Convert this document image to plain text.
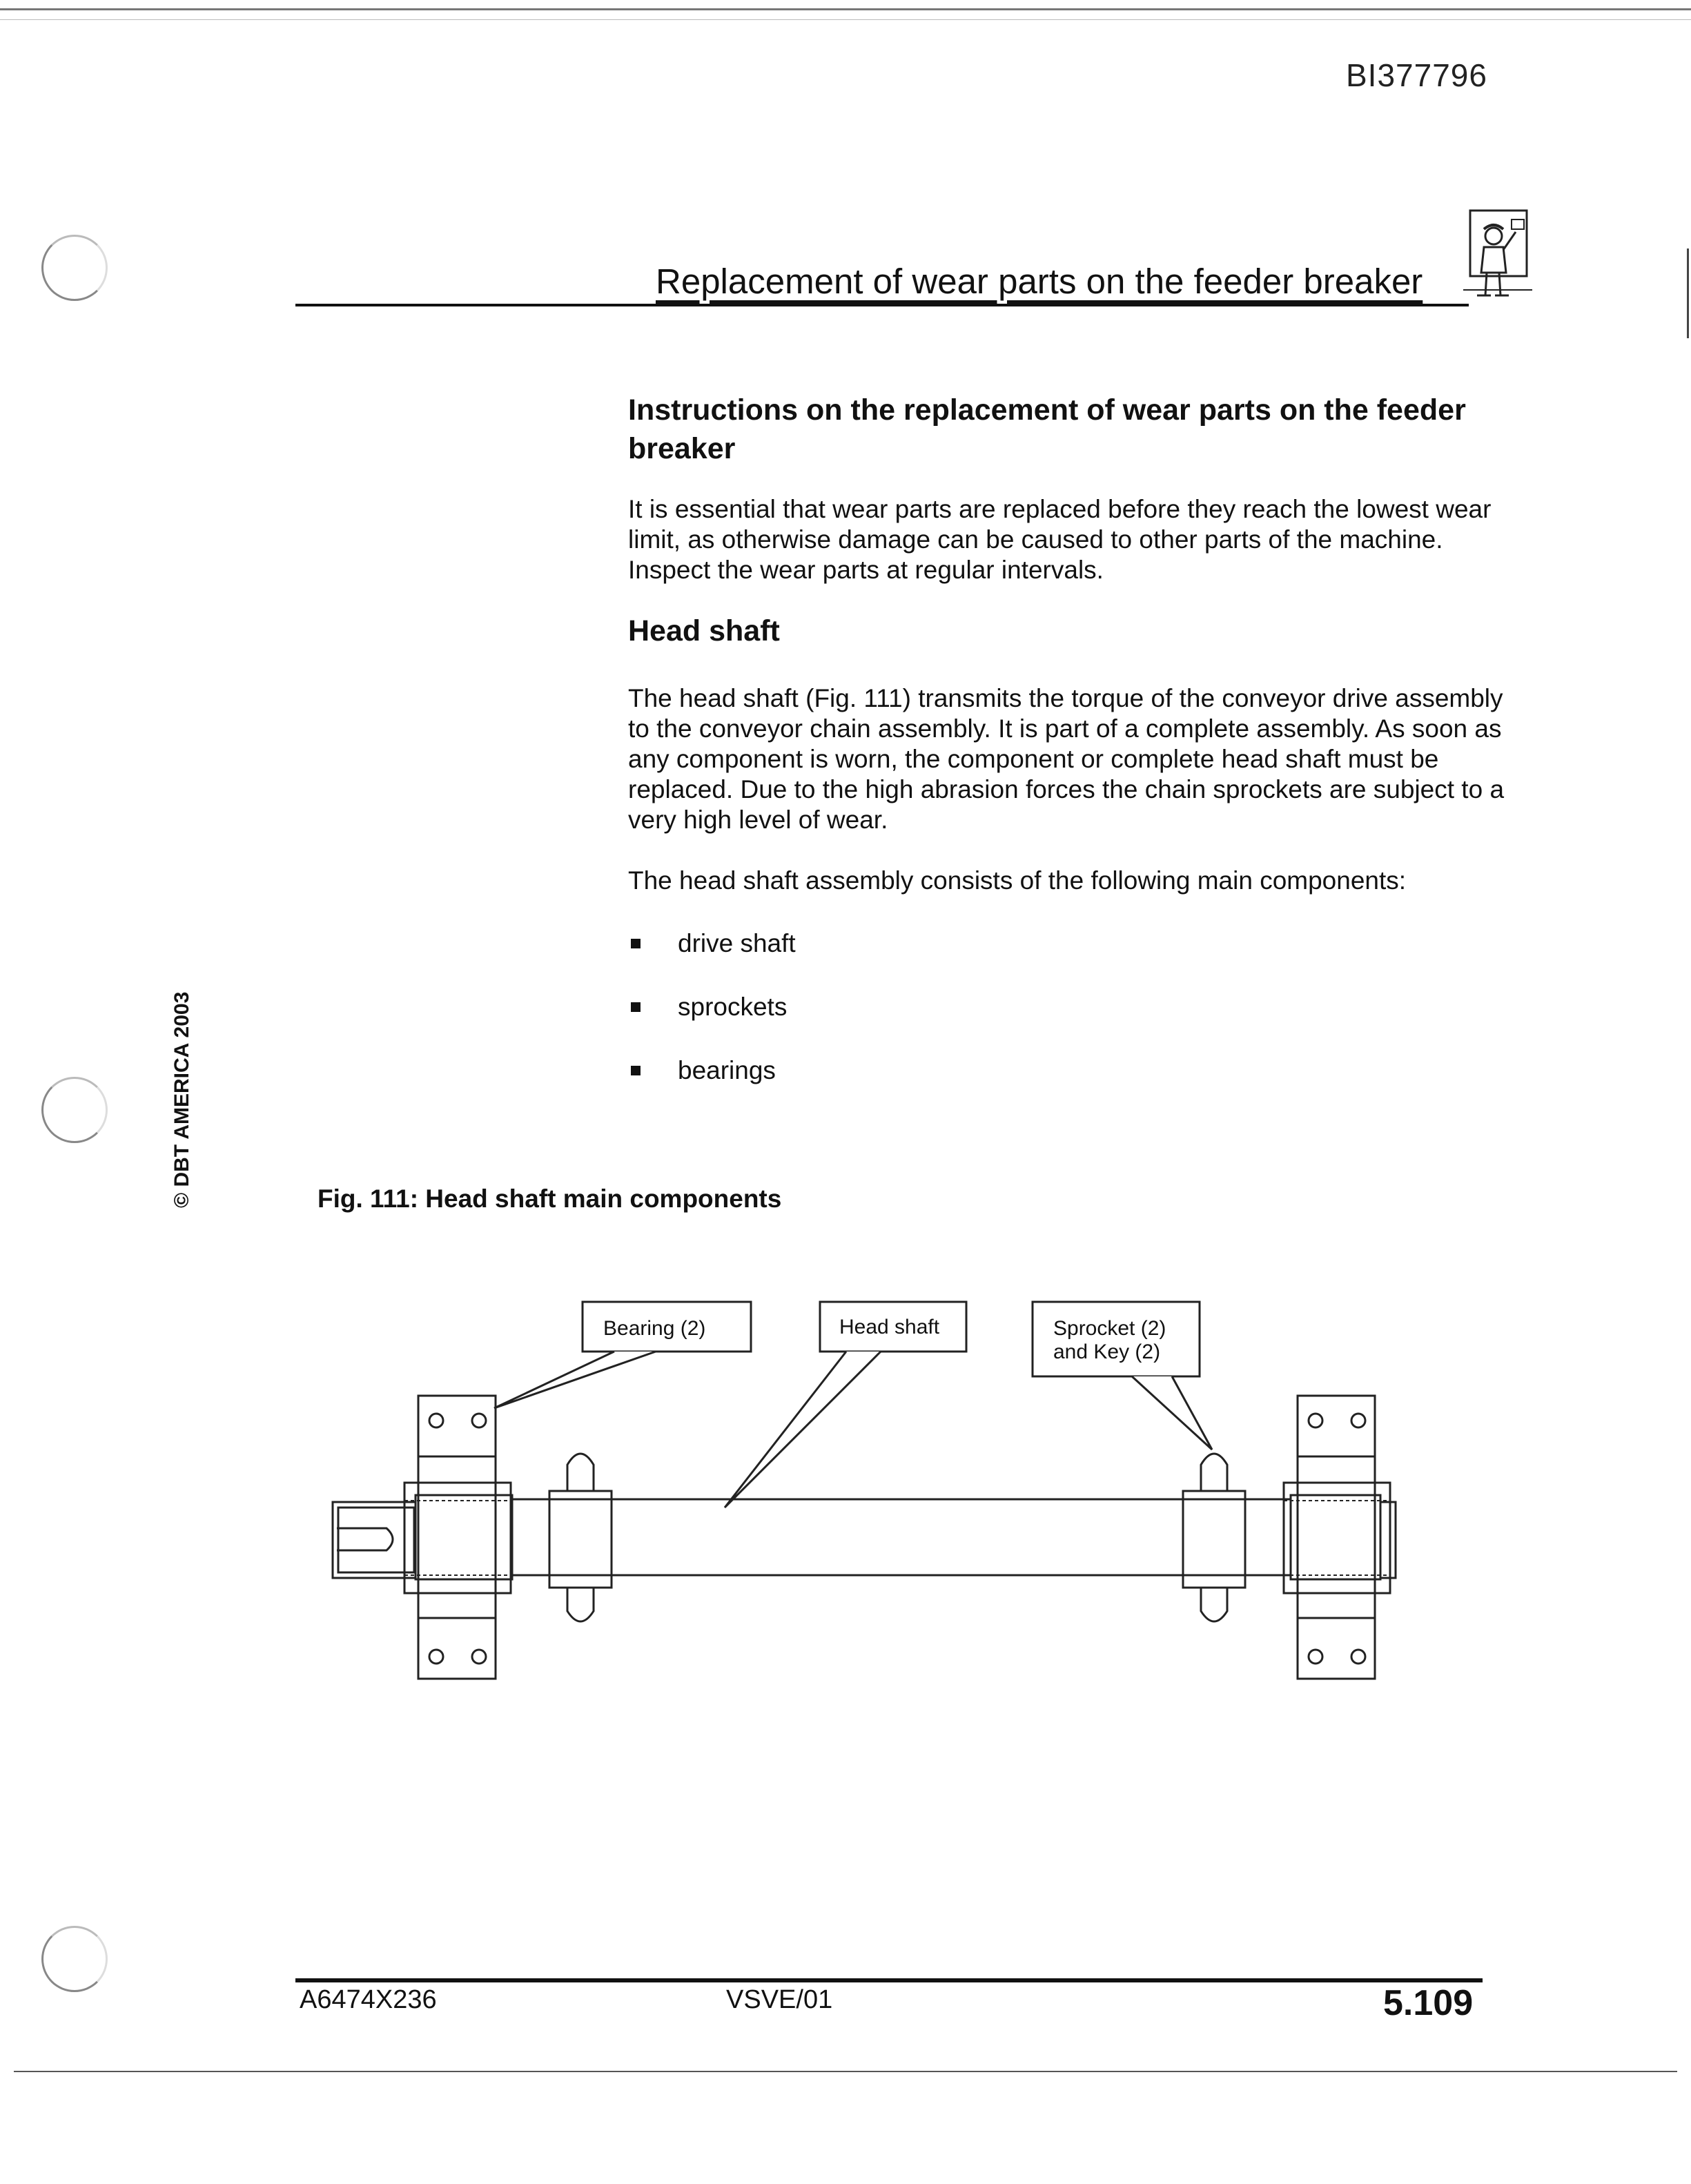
BI377796
Replacement of wear parts on the feeder breaker
Instructions on the replacement of wear parts on the feeder breaker
It is essential that wear parts are replaced before they reach the lowest wear limit, as otherwise damage can be caused to other parts of the machine. Inspect the wear parts at regular intervals.
Head shaft
The head shaft (Fig. 111) transmits the torque of the conveyor drive assembly to the conveyor chain assembly. It is part of a complete assembly. As soon as any component is worn, the component or complete head shaft must be replaced. Due to the high abrasion forces the chain sprockets are subject to a very high level of wear.
The head shaft assembly consists of the following main components:
drive shaft
sprockets
bearings
© DBT AMERICA 2003	Fig. 111: Head shaft main components
Bearing (2)	Head shaft	Sprocket (2)
and Key (2)
A6474X236	VSVE/01	5.109
